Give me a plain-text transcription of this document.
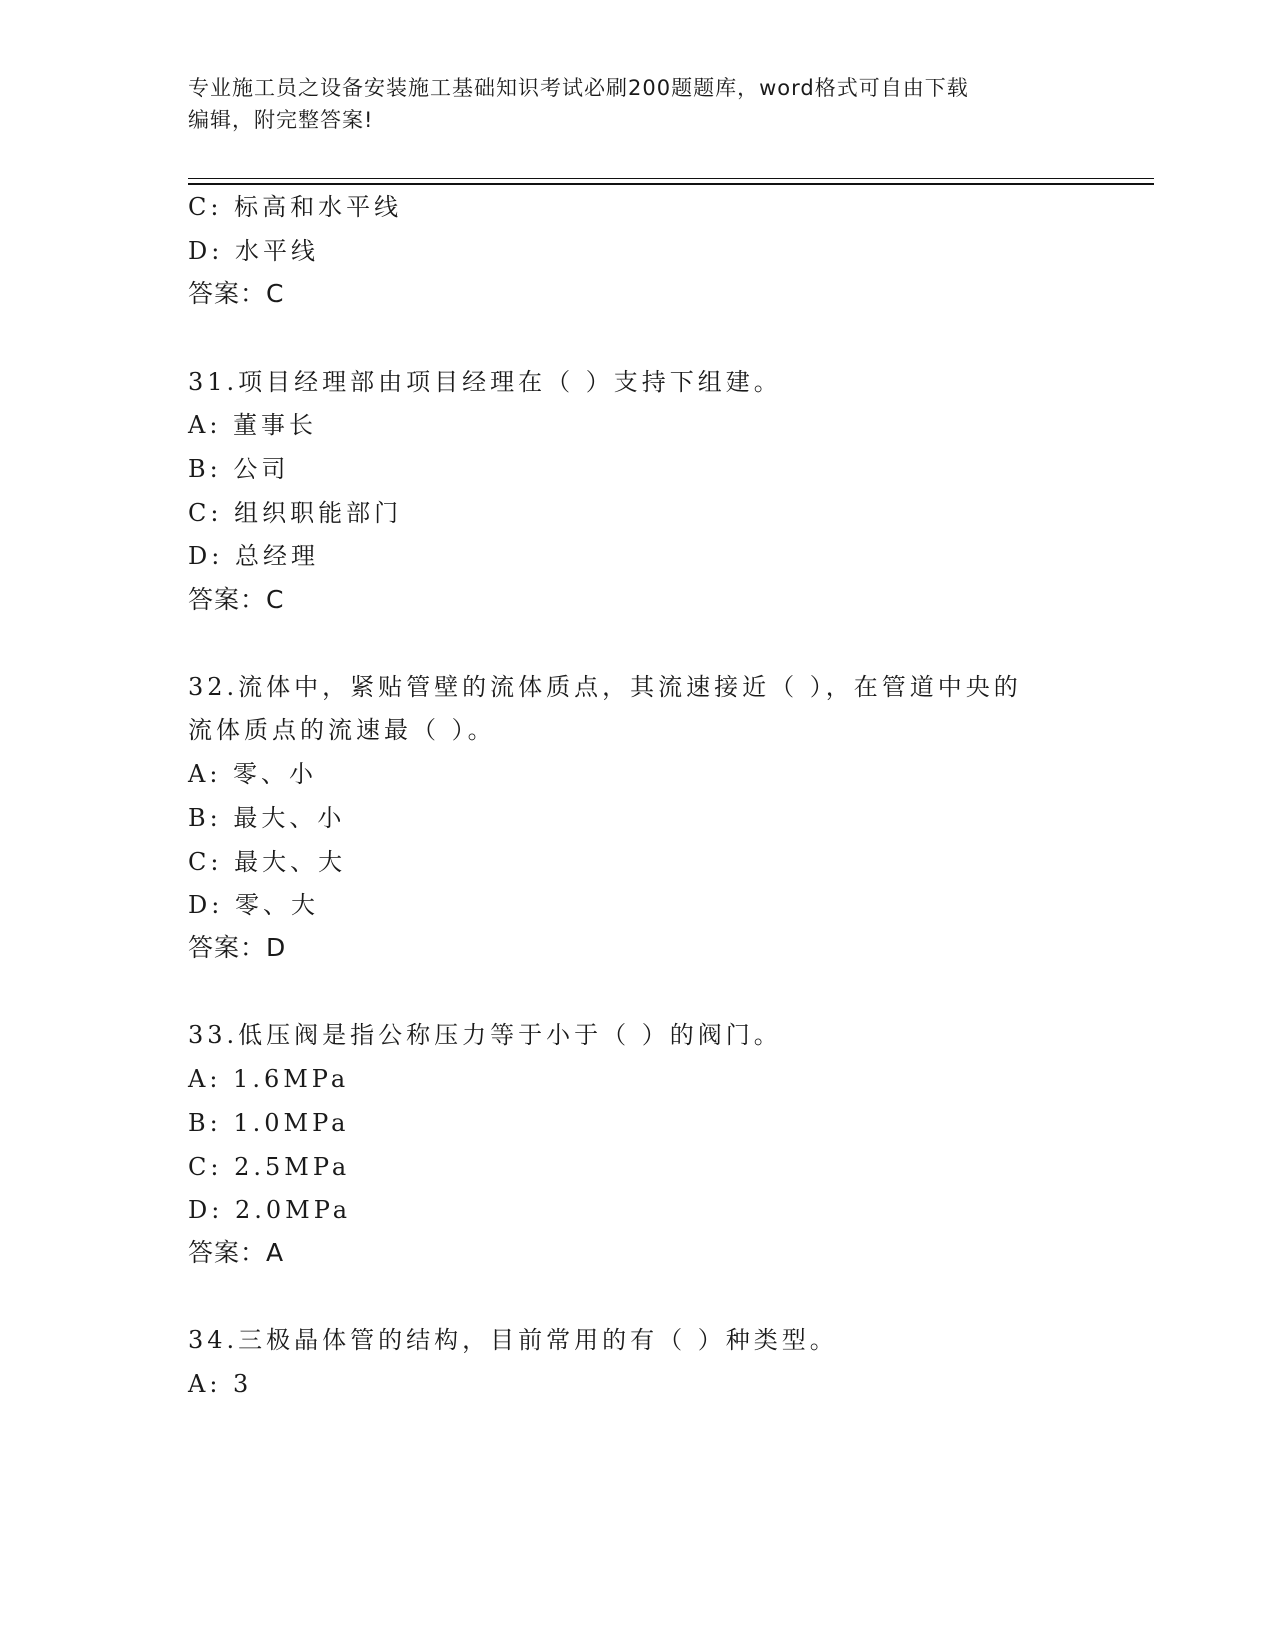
专业施工员之设备安装施工基础知识考试必刷200题题库，word格式可自由下载
编辑，附完整答案!
C: 标高和水平线
D: 水平线
答案：C
31.项目经理部由项目经理在（ ）支持下组建。
A: 董事长
B: 公司
C: 组织职能部门
D: 总经理
答案：C
32.流体中，紧贴管壁的流体质点，其流速接近（ ），在管道中央的
流体质点的流速最（ ）。
A: 零、小
B: 最大、小
C: 最大、大
D: 零、大
答案：D
33.低压阀是指公称压力等于小于（ ）的阀门。
A: 1.6MPa
B: 1.0MPa
C: 2.5MPa
D: 2.0MPa
答案：A
34.三极晶体管的结构，目前常用的有（ ）种类型。
A: 3
